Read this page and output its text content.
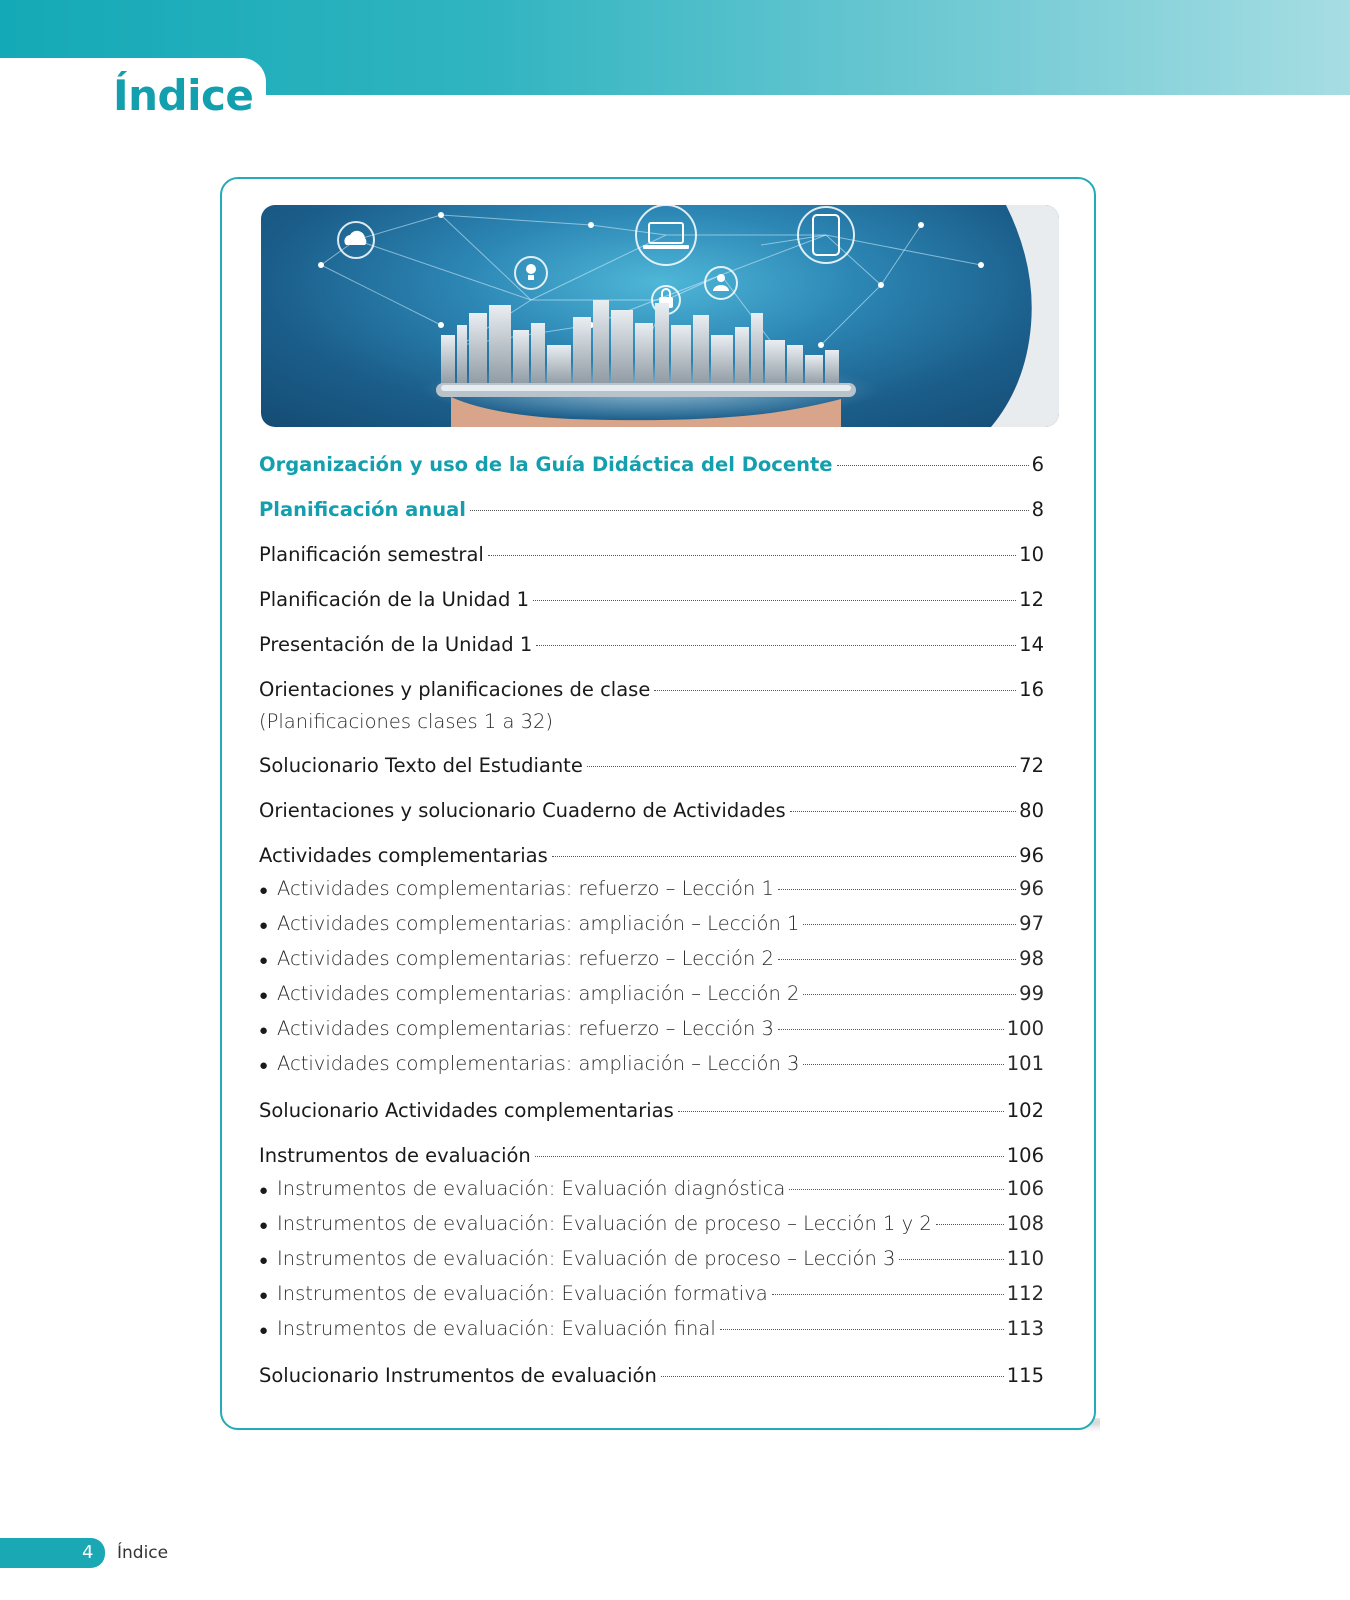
Índice
Organización y uso de la Guía Didáctica del Docente	6
Planificación anual	8
Planificación semestral	10
Planificación de la Unidad 1	12
Presentación de la Unidad 1	14
Orientaciones y planificaciones de clase	16
(Planificaciones clases 1 a 32)
Solucionario Texto del Estudiante	72
Orientaciones y solucionario Cuaderno de Actividades	80
Actividades complementarias	96
● Actividades complementarias: refuerzo – Lección 1	96
● Actividades complementarias: ampliación – Lección 1	97
● Actividades complementarias: refuerzo – Lección 2	98
● Actividades complementarias: ampliación – Lección 2	99
● Actividades complementarias: refuerzo – Lección 3	100
● Actividades complementarias: ampliación – Lección 3	101
Solucionario Actividades complementarias	102
Instrumentos de evaluación	106
● Instrumentos de evaluación: Evaluación diagnóstica	106
● Instrumentos de evaluación: Evaluación de proceso – Lección 1 y 2	108
● Instrumentos de evaluación: Evaluación de proceso – Lección 3	110
● Instrumentos de evaluación: Evaluación formativa	112
● Instrumentos de evaluación: Evaluación final	113
Solucionario Instrumentos de evaluación	115
4 Índice
